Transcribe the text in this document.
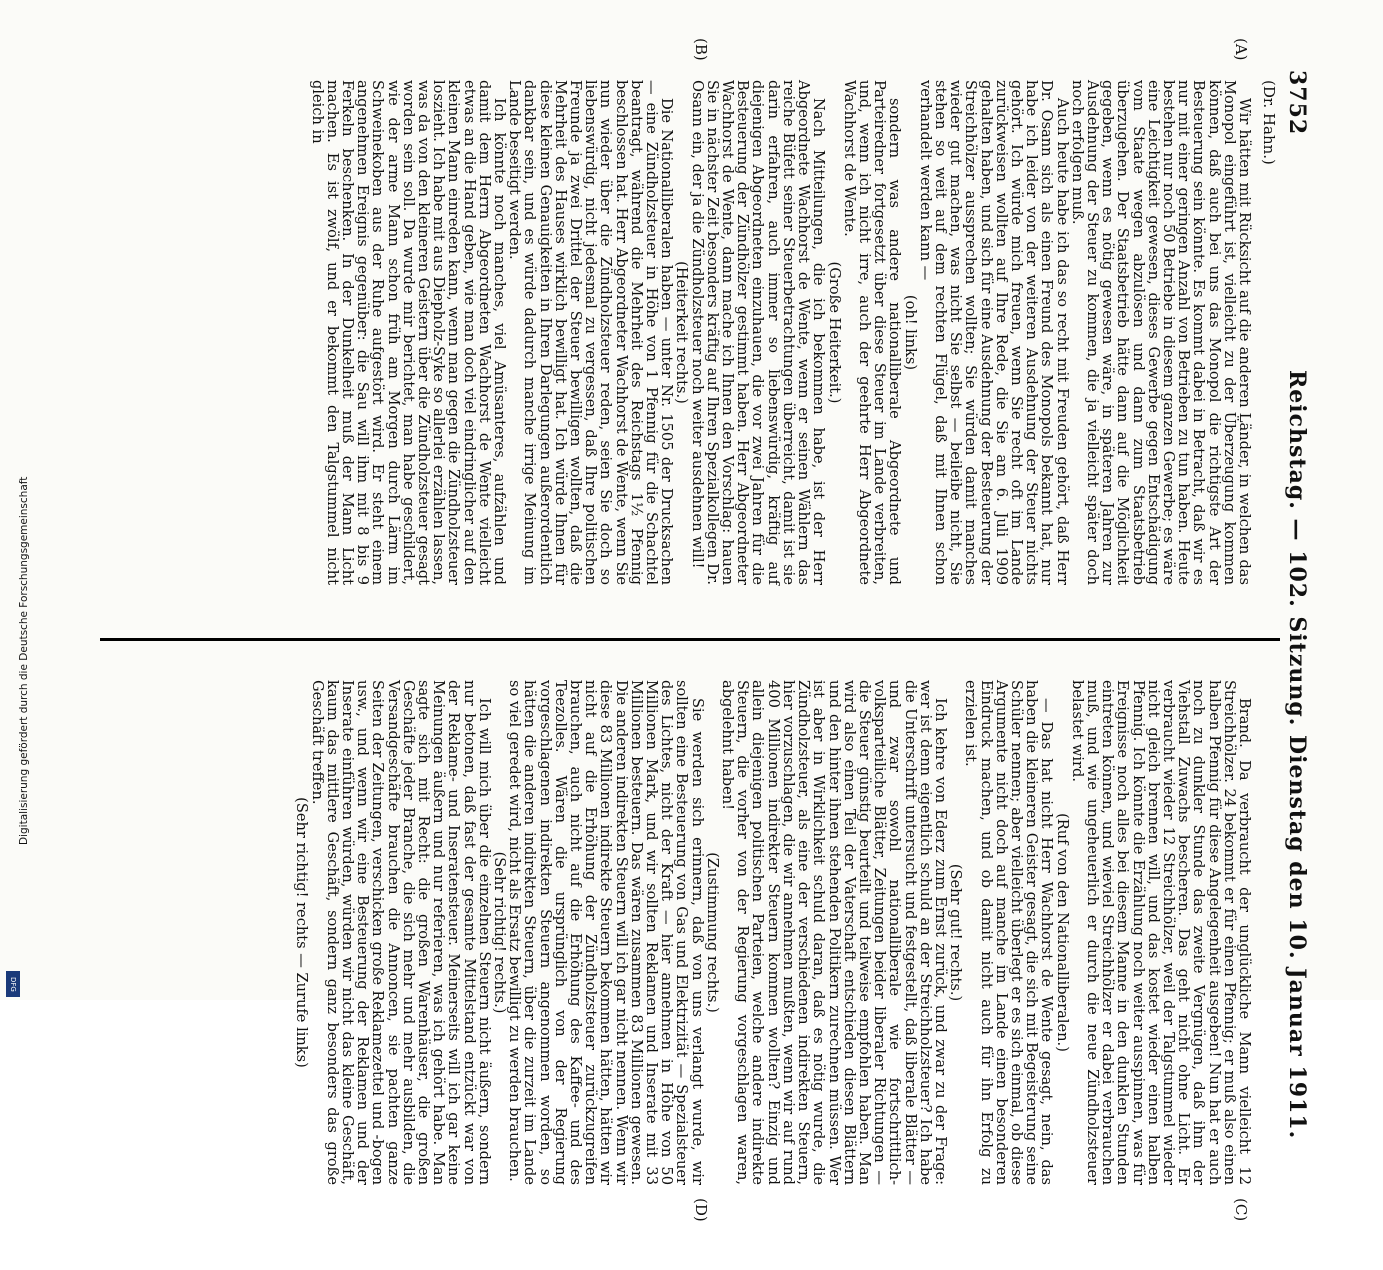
Digitalisierung gefördert durch die Deutsche Forschungsgemeinschaft
DFG
3752
Reichstag. — 102. Sitzung. Dienstag den 10. Januar 1911.
(Dr. Hahn.)
(A)
(B)
(C)
(D)

Wir hätten mit Rücksicht auf die anderen Länder, in welchen das Monopol eingeführt ist, vielleicht zu der Überzeugung kommen können, daß auch bei uns das Monopol die richtigste Art der Besteuerung sein könnte. Es kommt dabei in Betracht, daß wir es nur mit einer geringen Anzahl von Betrieben zu tun haben. Heute bestehen nur noch 50 Betriebe in diesem ganzen Gewerbe; es wäre eine Leichtigkeit gewesen, dieses Gewerbe gegen Entschädigung vom Staate wegen abzulösen und dann zum Staatsbetrieb überzugehen. Der Staatsbetrieb hätte dann auf die Möglichkeit gegeben, wenn es nötig gewesen wäre, in späteren Jahren zur Ausdehnung der Steuer zu kommen, die ja vielleicht später doch noch erfolgen muß.

Auch heute habe ich das so recht mit Freuden gehört, daß Herr Dr. Osann sich als einen Freund des Monopols bekannt hat, nur habe ich leider von der weiteren Ausdehnung der Steuer nichts gehört. Ich würde mich freuen, wenn Sie recht oft im Lande zurückweisen wollten auf Ihre Rede, die Sie am 6. Juli 1909 gehalten haben, und sich für eine Ausdehnung der Besteuerung der Streichhölzer aussprechen wollten; Sie würden damit manches wieder gut machen, was nicht Sie selbst — beileibe nicht, Sie stehen so weit auf dem rechten Flügel, daß mit Ihnen schon verhandelt werden kann —

(oh! links)

sondern was andere nationalliberale Abgeordnete und Parteiredner fortgesetzt über diese Steuer im Lande verbreiten, und, wenn ich nicht irre, auch der geehrte Herr Abgeordnete Wachhorst de Wente.

(Große Heiterkeit.)

Nach Mitteilungen, die ich bekommen habe, ist der Herr Abgeordnete Wachhorst de Wente, wenn er seinen Wählern das reiche Büfett seiner Steuerbetrachtungen überreicht, damit ist sie darin erfahren, auch immer so liebenswürdig, kräftig auf diejenigen Abgeordneten einzuhauen, die vor zwei Jahren für die Besteuerung der Zündhölzer gestimmt haben. Herr Abgeordneter Wachhorst de Wente, dann mache ich Ihnen den Vorschlag: hauen Sie in nächster Zeit besonders kräftig auf Ihren Spezialkollegen Dr. Osann ein, der ja die Zündholzsteuer noch weiter ausdehnen will!

(Heiterkeit rechts.)

Die Nationalliberalen haben — unter Nr. 1505 der Drucksachen — eine Zündholzsteuer in Höhe von 1 Pfennig für die Schachtel beantragt, während die Mehrheit des Reichstags 1½ Pfennig beschlossen hat. Herr Abgeordneter Wachhorst de Wente, wenn Sie nun wieder über die Zündholzsteuer reden, seien Sie doch so liebenswürdig, nicht jedesmal zu vergessen, daß Ihre politischen Freunde ja zwei Drittel der Steuer bewilligen wollten, daß die Mehrheit des Hauses wirklich bewilligt hat. Ich würde Ihnen für diese kleinen Genauigkeiten in Ihren Darlegungen außerordentlich dankbar sein, und es würde dadurch manche irrige Meinung im Lande beseitigt werden.

Ich könnte noch manches, viel Amüsanteres, aufzählen und damit dem Herrn Abgeordneten Wachhorst de Wente vielleicht etwas an die Hand geben, wie man doch viel eindringlicher auf den kleinen Mann einreden kann, wenn man gegen die Zündholzsteuer loszieht. Ich habe mit aus Diepholz-Syke so allerlei erzählen lassen, was da von den kleineren Geistern über die Zündholzsteuer gesagt worden sein soll. Da wurde mir berichtet, man habe geschildert, wie der arme Mann schon früh am Morgen durch Lärm im Schweinekoben aus der Ruhe aufgestört wird. Er steht einem angenehmen Ereignis gegenüber: die Sau will ihm mit 8 bis 9 Ferkeln beschenken. In der Dunkelheit muß der Mann Licht machen. Es ist zwölf, und er bekommt den Talgstummel nicht gleich in

Brand. Da verbraucht der unglückliche Mann vielleicht 12 Streichhölzer. 24 bekommt er für einen Pfennig; er muß also einen halben Pfennig für diese Angelegenheit ausgeben! Nun hat er auch noch zu dunkler Stunde das zweite Vergnügen, daß ihm der Viehstall Zuwachs bescheren. Das geht nicht ohne Licht. Er verbraucht wieder 12 Streichhölzer, weil der Talgstummel wieder nicht gleich brennen will, und das kostet wieder einen halben Pfennig. Ich könnte die Erzählung noch weiter ausspinnen, was für Ereignisse noch alles bei diesem Manne in den dunklen Stunden eintreten können, und wieviel Streichhölzer er dabei verbrauchen muß, und wie ungeheuerlich er durch die neue Zündholzsteuer belastet wird.

(Ruf von den Nationalliberalen.)

— Das hat nicht Herr Wachhorst de Wente gesagt, nein, das haben die kleineren Geister gesagt, die sich mit Begeisterung seine Schüler nennen; aber vielleicht überlegt er es sich einmal, ob diese Argumente nicht doch auf manche im Lande einen besonderen Eindruck machen, und ob damit nicht auch für ihn Erfolg zu erzielen ist.

(Sehr gut! rechts.)

Ich kehre von Ederz zum Ernst zurück, und zwar zu der Frage: wer ist denn eigentlich schuld an der Streichholzsteuer? Ich habe die Unterschrift untersucht und festgestellt, daß liberale Blätter — und zwar sowohl nationalliberale wie fortschrittlich-volksparteiliche Blätter, Zeitungen beider liberaler Richtungen — die Steuer günstig beurteilt und teilweise empfohlen haben. Man wird also einen Teil der Vaterschaft entschieden diesen Blättern und den hinter ihnen stehenden Politikern zurechnen müssen. Wer ist aber in Wirklichkeit schuld daran, daß es nötig wurde, die Zündholzsteuer, als eine der verschiedenen indirekten Steuern, hier vorzuschlagen, die wir annehmen mußten, wenn wir auf rund 400 Millionen indirekter Steuern kommen wollten? Einzig und allein diejenigen politischen Parteien, welche andere indirekte Steuern, die vorher von der Regierung vorgeschlagen waren, abgelehnt haben!

(Zustimmung rechts.)

Sie werden sich erinnern, daß von uns verlangt wurde, wir sollten eine Besteuerung von Gas und Elektrizität — Spezialsteuer des Lichtes, nicht der Kraft — hier annehmen in Höhe von 50 Millionen Mark, und wir sollten Reklamen und Inserate mit 33 Millionen besteuern. Das wären zusammen 83 Millionen gewesen. Die anderen indirekten Steuern will ich gar nicht nennen. Wenn wir diese 83 Millionen indirekte Steuern bekommen hätten, hätten wir nicht auf die Erhöhung der Zündholzsteuer zurückzugreifen brauchen, auch nicht auf die Erhöhung des Kaffee- und des Teezolles. Wären die ursprünglich von der Regierung vorgeschlagenen indirekten Steuern angenommen worden, so hätten die anderen indirekten Steuern, über die zurzeit im Lande so viel geredet wird, nicht als Ersatz bewilligt zu werden brauchen.

(Sehr richtig! rechts.)

Ich will mich über die einzelnen Steuern nicht äußern, sondern nur betonen, daß fast der gesamte Mittelstand entzückt war von der Reklame- und Inseratensteuer. Meinerseits will ich gar keine Meinungen äußern und nur referieren, was ich gehört habe. Man sagte sich mit Recht: die großen Warenhäuser, die großen Geschäfte jeder Branche, die sich mehr und mehr ausbilden, die Versandgeschäfte brauchen die Annoncen, sie pachten ganze Seiten der Zeitungen, verschicken große Reklamezettel und -bogen usw., und wenn wir eine Besteuerung der Reklamen und der Inserate einführen würden, würden wir nicht das kleine Geschäft, kaum das mittlere Geschäft, sondern ganz besonders das große Geschäft treffen.

(Sehr richtig! rechts — Zurufe links)
